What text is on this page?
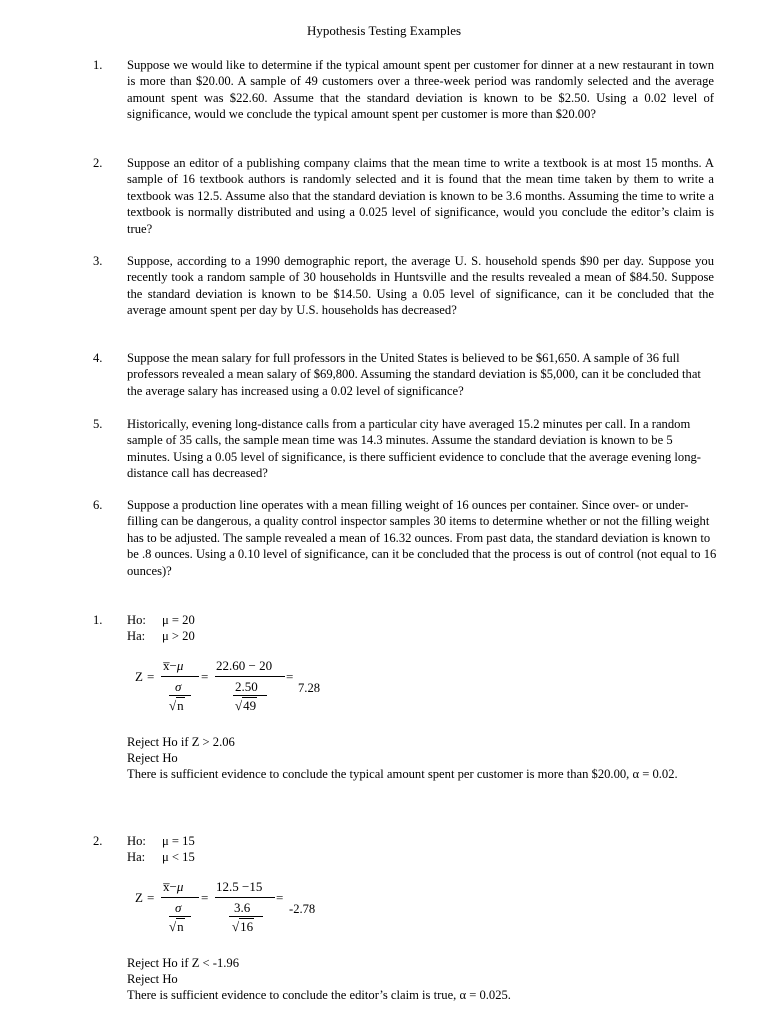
Hypothesis Testing Examples
1. Suppose we would like to determine if the typical amount spent per customer for dinner at a new restaurant in town is more than $20.00. A sample of 49 customers over a three-week period was randomly selected and the average amount spent was $22.60. Assume that the standard deviation is known to be $2.50. Using a 0.02 level of significance, would we conclude the typical amount spent per customer is more than $20.00?
2. Suppose an editor of a publishing company claims that the mean time to write a textbook is at most 15 months. A sample of 16 textbook authors is randomly selected and it is found that the mean time taken by them to write a textbook was 12.5. Assume also that the standard deviation is known to be 3.6 months. Assuming the time to write a textbook is normally distributed and using a 0.025 level of significance, would you conclude the editor’s claim is true?
3. Suppose, according to a 1990 demographic report, the average U. S. household spends $90 per day. Suppose you recently took a random sample of 30 households in Huntsville and the results revealed a mean of $84.50. Suppose the standard deviation is known to be $14.50. Using a 0.05 level of significance, can it be concluded that the average amount spent per day by U.S. households has decreased?
4. Suppose the mean salary for full professors in the United States is believed to be $61,650. A sample of 36 full professors revealed a mean salary of $69,800. Assuming the standard deviation is $5,000, can it be concluded that the average salary has increased using a 0.02 level of significance?
5. Historically, evening long-distance calls from a particular city have averaged 15.2 minutes per call. In a random sample of 35 calls, the sample mean time was 14.3 minutes. Assume the standard deviation is known to be 5 minutes. Using a 0.05 level of significance, is there sufficient evidence to conclude that the average evening long-distance call has decreased?
6. Suppose a production line operates with a mean filling weight of 16 ounces per container. Since over- or under-filling can be dangerous, a quality control inspector samples 30 items to determine whether or not the filling weight has to be adjusted. The sample revealed a mean of 16.32 ounces. From past data, the standard deviation is known to be .8 ounces. Using a 0.10 level of significance, can it be concluded that the process is out of control (not equal to 16 ounces)?
1. Ho: μ = 20
Ha: μ > 20
Z =
x̅−μ
σ
√n
=
22.60 − 20
2.50
√49
=
7.28
Reject Ho if Z > 2.06
Reject Ho
There is sufficient evidence to conclude the typical amount spent per customer is more than $20.00, α = 0.02.
2. Ho: μ = 15
Ha: μ < 15
Z =
x̅−μ
σ
√n
=
12.5 −15
3.6
√16
=
-2.78
Reject Ho if Z < -1.96
Reject Ho
There is sufficient evidence to conclude the editor’s claim is true, α = 0.025.
